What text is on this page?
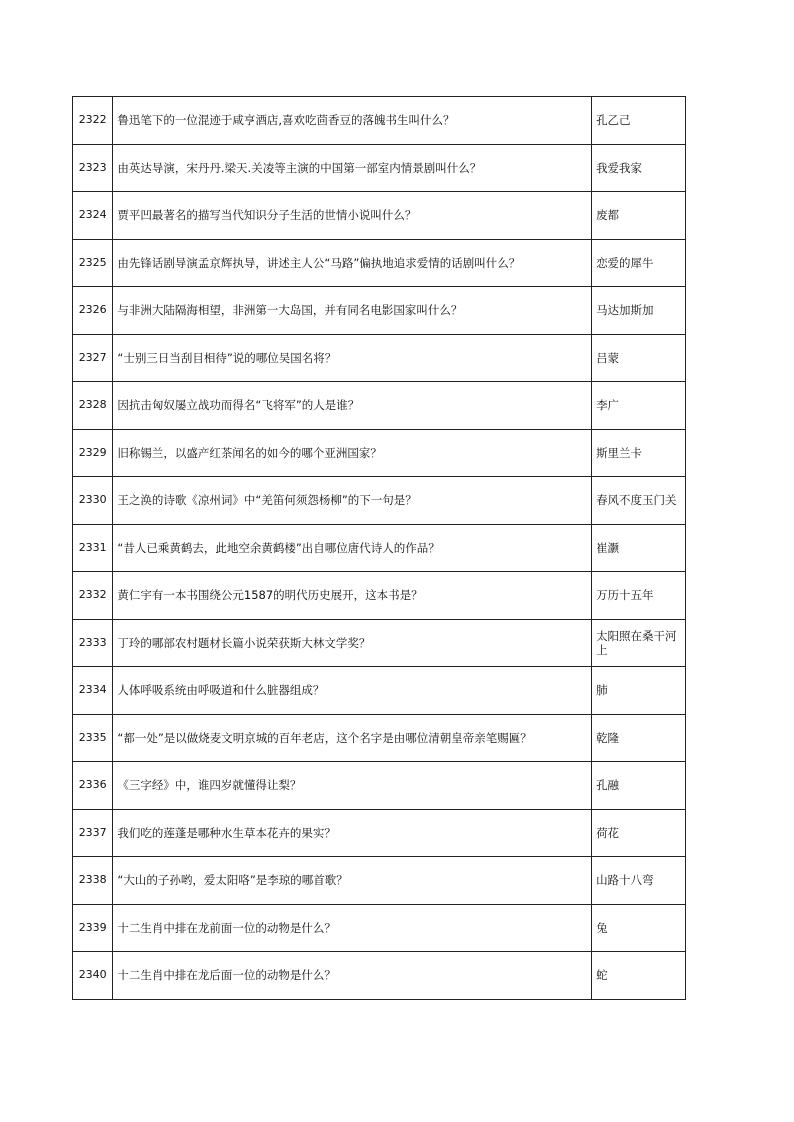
2322	鲁迅笔下的一位混迹于咸亨酒店,喜欢吃茴香豆的落魄书生叫什么？	孔乙己
2323	由英达导演，宋丹丹.梁天.关凌等主演的中国第一部室内情景剧叫什么？	我爱我家
2324	贾平凹最著名的描写当代知识分子生活的世情小说叫什么？	废都
2325	由先锋话剧导演孟京辉执导，讲述主人公“马路”偏执地追求爱情的话剧叫什么？	恋爱的犀牛
2326	与非洲大陆隔海相望，非洲第一大岛国，并有同名电影国家叫什么？	马达加斯加
2327	“士别三日当刮目相待”说的哪位吴国名将？	吕蒙
2328	因抗击匈奴屡立战功而得名“飞将军”的人是谁？	李广
2329	旧称锡兰，以盛产红茶闻名的如今的哪个亚洲国家？	斯里兰卡
2330	王之涣的诗歌《凉州词》中“羌笛何须怨杨柳”的下一句是？	春风不度玉门关
2331	“昔人已乘黄鹤去，此地空余黄鹤楼”出自哪位唐代诗人的作品？	崔灏
2332	黄仁宇有一本书围绕公元1587的明代历史展开，这本书是？	万历十五年
2333	丁玲的哪部农村题材长篇小说荣获斯大林文学奖？	太阳照在桑干河上
2334	人体呼吸系统由呼吸道和什么脏器组成？	肺
2335	“都一处”是以做烧麦文明京城的百年老店，这个名字是由哪位清朝皇帝亲笔赐匾？	乾隆
2336	《三字经》中，谁四岁就懂得让梨？	孔融
2337	我们吃的莲蓬是哪种水生草本花卉的果实？	荷花
2338	“大山的子孙哟，爱太阳咯”是李琼的哪首歌？	山路十八弯
2339	十二生肖中排在龙前面一位的动物是什么？	兔
2340	十二生肖中排在龙后面一位的动物是什么？	蛇
